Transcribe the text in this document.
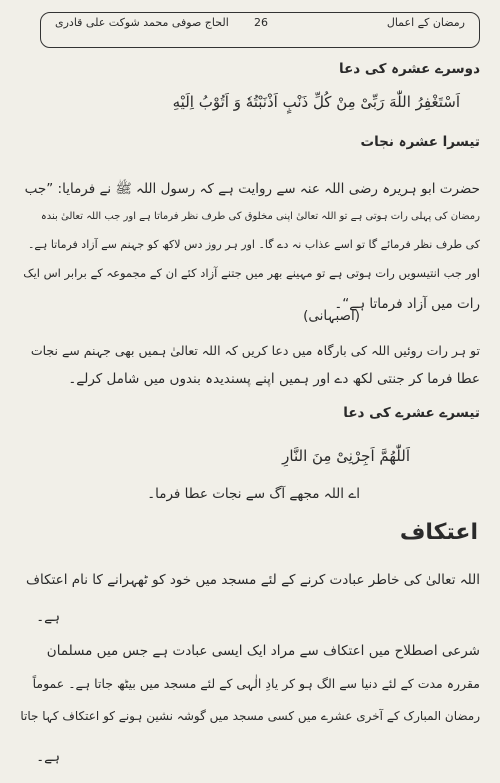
رمضان کے اعمال
26
الحاج صوفی محمد شوکت علی قادری
دوسرے عشرہ کی دعا
اَسْتَغْفِرُ اللّٰهَ رَبِّیْ مِنْ کُلِّ ذَنْبٍ اَذْنَبْتُهٗ وَ اَتُوْبُ اِلَیْهِ
تیسرا عشرہ نجات
حضرت ابو ہریرہ رضی اللہ عنہ سے روایت ہے کہ رسول اللہ ﷺ نے فرمایا: ”جب
رمضان کی پہلی رات ہوتی ہے تو اللہ تعالیٰ اپنی مخلوق کی طرف نظر فرماتا ہے اور جب اللہ تعالیٰ بندہ
کی طرف نظر فرمائے گا تو اسے عذاب نہ دے گا۔ اور ہر روز دس لاکھ کو جہنم سے آزاد فرماتا ہے۔
اور جب انتیسویں رات ہوتی ہے تو مہینے بھر میں جتنے آزاد کئے ان کے مجموعہ کے برابر اس ایک
رات میں آزاد فرماتا ہے“۔
(اصبہانی)
تو ہر رات روئیں اللہ کی بارگاہ میں دعا کریں کہ اللہ تعالیٰ ہمیں بھی جہنم سے نجات
عطا فرما کر جنتی لکھ دے اور ہمیں اپنے پسندیدہ بندوں میں شامل کرلے۔
تیسرے عشرے کی دعا
اَللّٰهُمَّ اَجِرْنِیْ مِنَ النَّارِ
اے اللہ مجھے آگ سے نجات عطا فرما۔
اعتکاف
اللہ تعالیٰ کی خاطر عبادت کرنے کے لئے مسجد میں خود کو ٹھہرانے کا نام اعتکاف
ہے۔
شرعی اصطلاح میں اعتکاف سے مراد ایک ایسی عبادت ہے جس میں مسلمان
مقررہ مدت کے لئے دنیا سے الگ ہو کر یادِ الٰہی کے لئے مسجد میں بیٹھ جاتا ہے۔ عموماً
رمضان المبارک کے آخری عشرے میں کسی مسجد میں گوشہ نشین ہونے کو اعتکاف کہا جاتا
ہے۔
